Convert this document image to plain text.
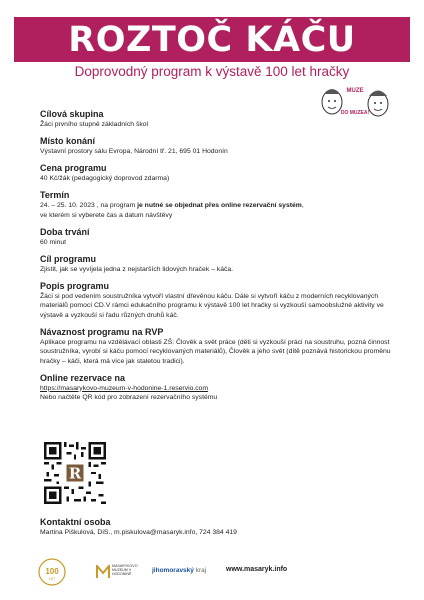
ROZTOČ KÁČU
Doprovodný program k výstavě 100 let hračky
MUZE
DO MUZEA!
Cílová skupina

Žáci prvního stupně základních škol

Místo konání

Výstavní prostory sálu Evropa, Národní tř. 21, 695 01 Hodonín

Cena programu

40 Kč/žák (pedagogický doprovod zdarma)

Termín

24. – 25. 10. 2023 , na program je nutné se objednat přes online rezervační systém,
ve kterém si vyberete čas a datum návštěvy

Doba trvání

60 minut

Cíl programu

Zjistit, jak se vyvíjela jedna z nejstarších lidových hraček – káča.

Popis programu

Žáci si pod vedením soustružníka vytvoří vlastní dřevěnou káču. Dále si vytvoří káču z moderních recyklovaných materiálů pomocí CD.V rámci edukačního programu k výstavě 100 let hračky si vyzkouší samoobslužné aktivity ve výstavě a vyzkouší si řadu různých druhů káč.

Návaznost programu na RVP

Aplikace programu na vzdělávací oblasti ZŠ: Člověk a svět práce (děti si vyzkouší práci na soustruhu, pozná činnost soustružníka, vyrobí si káču pomocí recyklovaných materiálů), Člověk a jeho svět (dítě poznává historickou proměnu hračky – káči, která má více jak staletou tradici).

Online rezervace na

https://masarykovo-muzeum-v-hodonine-1.reservio.com

Nebo načtěte QR kód pro zobrazení rezervačního systému

R
Kontaktní osoba

Martina Piškulová, DiS., m.piskulova@masaryk.info, 724 384 419

100
LET
MASARYKOVO MUZEUM V HODONÍNĚ
jihomoravský kraj	www.masaryk.info
